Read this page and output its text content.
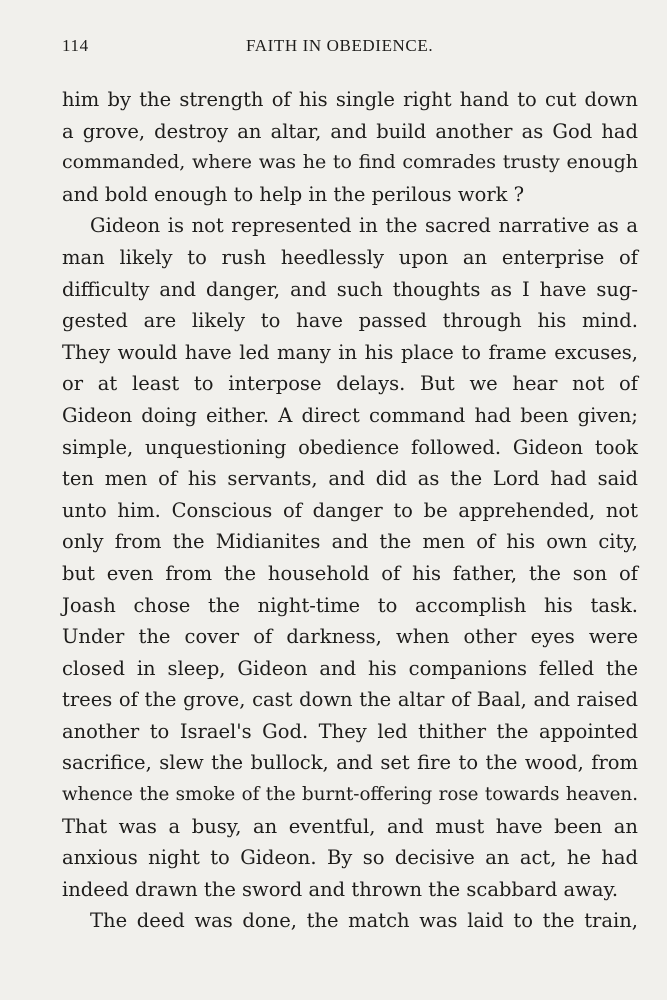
114	FAITH IN OBEDIENCE.
him by the strength of his single right hand to cut down
a grove, destroy an altar, and build another as God had
commanded, where was he to find comrades trusty enough
and bold enough to help in the perilous work ?
Gideon is not represented in the sacred narrative as a
man likely to rush heedlessly upon an enterprise of
difficulty and danger, and such thoughts as I have sug-
gested are likely to have passed through his mind.
They would have led many in his place to frame excuses,
or at least to interpose delays. But we hear not of
Gideon doing either. A direct command had been given;
simple, unquestioning obedience followed. Gideon took
ten men of his servants, and did as the Lord had said
unto him. Conscious of danger to be apprehended, not
only from the Midianites and the men of his own city,
but even from the household of his father, the son of
Joash chose the night-time to accomplish his task.
Under the cover of darkness, when other eyes were
closed in sleep, Gideon and his companions felled the
trees of the grove, cast down the altar of Baal, and raised
another to Israel's God. They led thither the appointed
sacrifice, slew the bullock, and set fire to the wood, from
whence the smoke of the burnt-offering rose towards heaven.
That was a busy, an eventful, and must have been an
anxious night to Gideon. By so decisive an act, he had
indeed drawn the sword and thrown the scabbard away.
The deed was done, the match was laid to the train,
